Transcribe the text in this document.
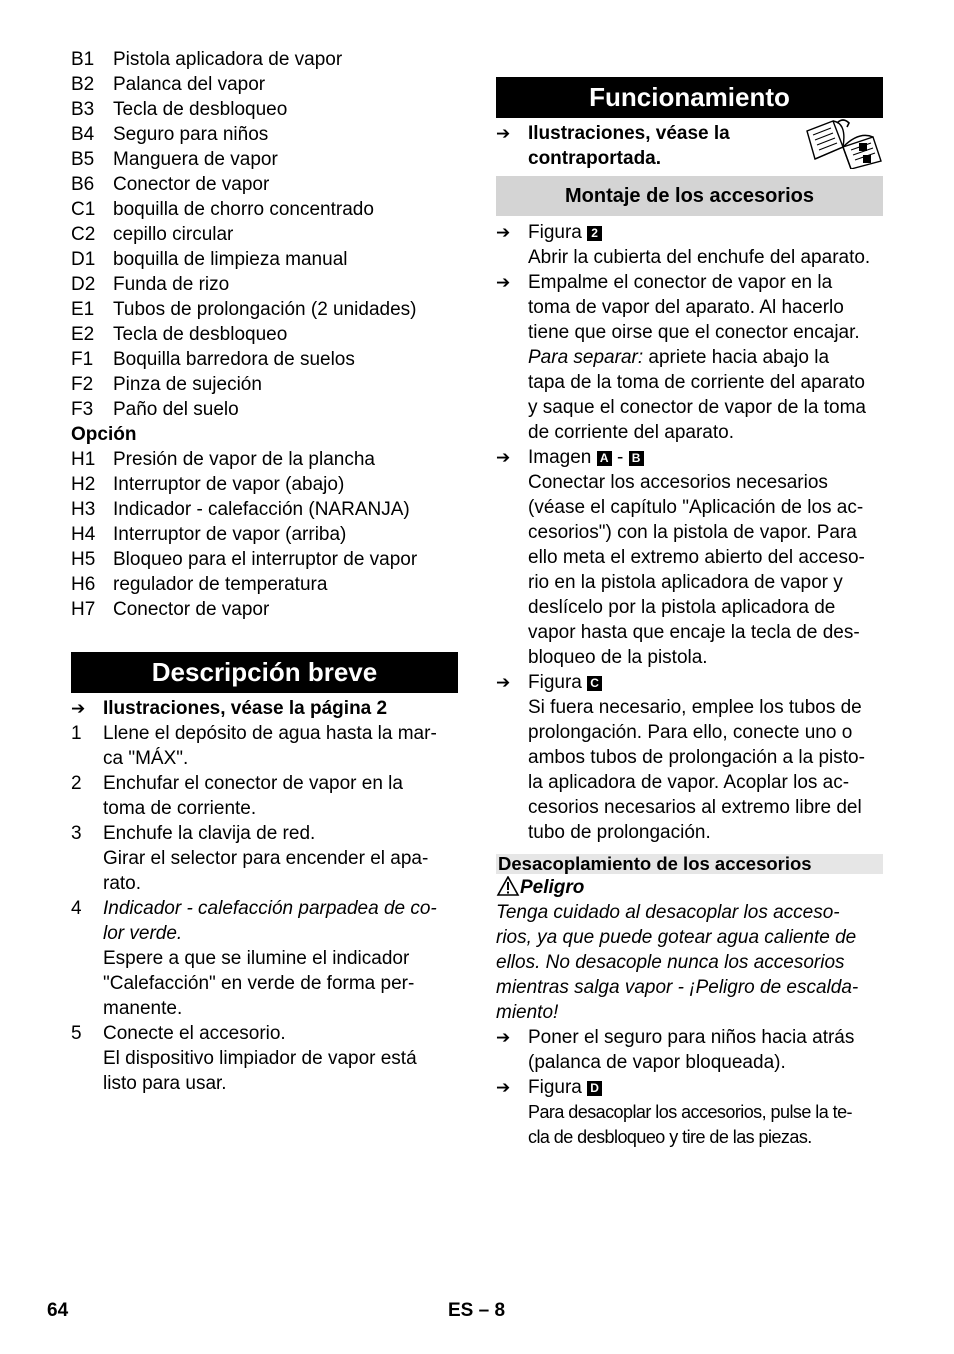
B1 Pistola aplicadora de vapor
B2 Palanca del vapor
B3 Tecla de desbloqueo
B4 Seguro para niños
B5 Manguera de vapor
B6 Conector de vapor
C1 boquilla de chorro concentrado
C2 cepillo circular
D1 boquilla de limpieza manual
D2 Funda de rizo
E1 Tubos de prolongación (2 unidades)
E2 Tecla de desbloqueo
F1	Boquilla barredora de suelos
F2	Pinza de sujeción
F3	Paño del suelo
Opción
H1 Presión de vapor de la plancha
H2 Interruptor de vapor (abajo)
H3 Indicador - calefacción (NARANJA)
H4 Interruptor de vapor (arriba)
H5 Bloqueo para el interruptor de vapor
H6 regulador de temperatura
H7 Conector de vapor
Descripción breve
➔ Ilustraciones, véase la página 2
1	Llene el depósito de agua hasta la mar-
ca "MÁX".
2	Enchufar el conector de vapor en la
toma de corriente.
3	Enchufe la clavija de red.
Girar el selector para encender el apa-
rato.
4	Indicador - calefacción parpadea de co-
lor verde.
Espere a que se ilumine el indicador
"Calefacción" en verde de forma per-
manente.
5	Conecte el accesorio.
El dispositivo limpiador de vapor está
listo para usar.
Funcionamiento
➔ Ilustraciones, véase la
contraportada.
Montaje de los accesorios
➔ Figura 2
Abrir la cubierta del enchufe del aparato.
➔ Empalme el conector de vapor en la
toma de vapor del aparato. Al hacerlo
tiene que oirse que el conector encajar.
Para separar: apriete hacia abajo la
tapa de la toma de corriente del aparato
y saque el conector de vapor de la toma
de corriente del aparato.
➔ Imagen A - B
Conectar los accesorios necesarios
(véase el capítulo "Aplicación de los ac-
cesorios") con la pistola de vapor. Para
ello meta el extremo abierto del acceso-
rio en la pistola aplicadora de vapor y
deslícelo por la pistola aplicadora de
vapor hasta que encaje la tecla de des-
bloqueo de la pistola.
➔ Figura C
Si fuera necesario, emplee los tubos de
prolongación. Para ello, conecte uno o
ambos tubos de prolongación a la pisto-
la aplicadora de vapor. Acoplar los ac-
cesorios necesarios al extremo libre del
tubo de prolongación.
Desacoplamiento de los accesorios
Peligro
Tenga cuidado al desacoplar los acceso-
rios, ya que puede gotear agua caliente de
ellos. No desacople nunca los accesorios
mientras salga vapor - ¡Peligro de escalda-
miento!
➔ Poner el seguro para niños hacia atrás
(palanca de vapor bloqueada).
➔ Figura D
Para desacoplar los accesorios, pulse la te-
cla de desbloqueo y tire de las piezas.
64	ES – 8
